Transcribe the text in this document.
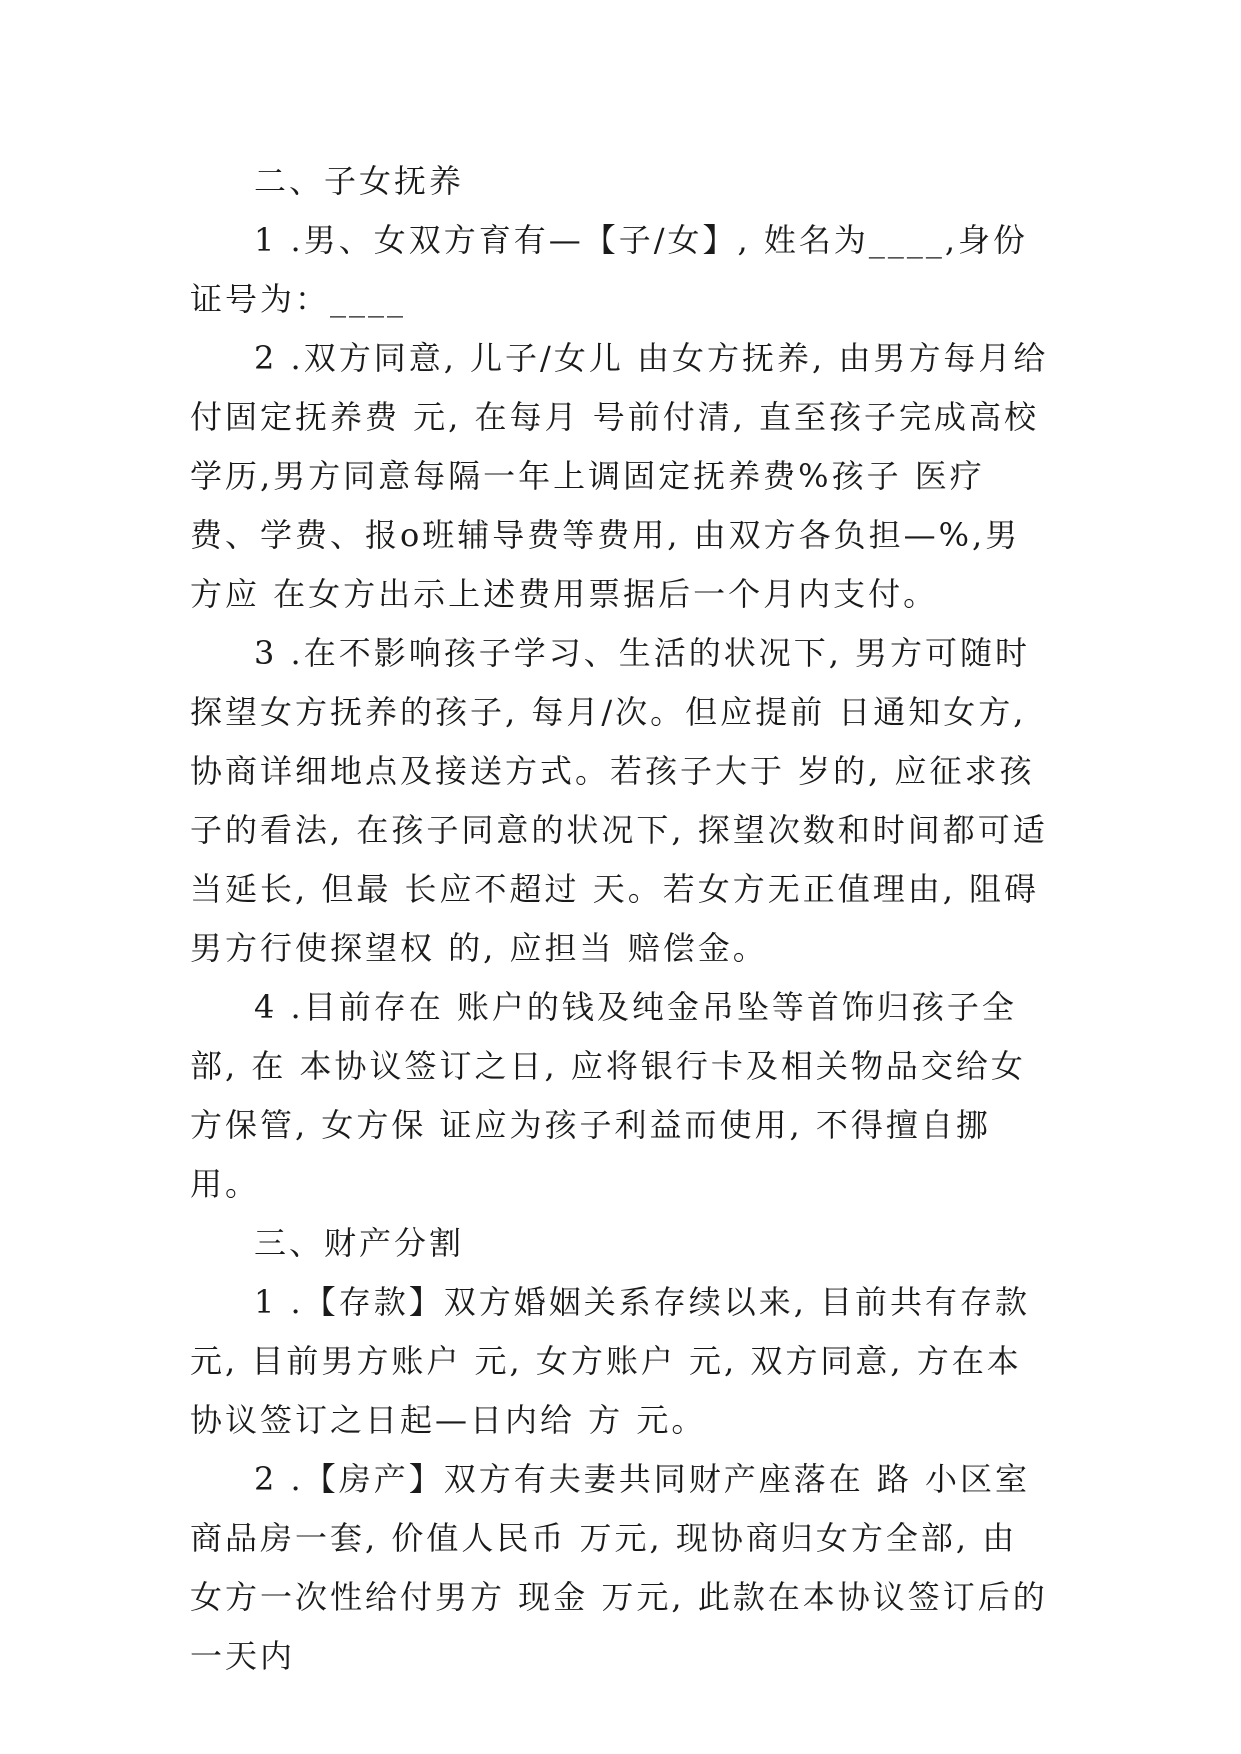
二、子女抚养

1 .男、女双方育有—【子/女】, 姓名为____,身份证号为：____

2 .双方同意, 儿子/女儿 由女方抚养, 由男方每月给付固定抚养费 元, 在每月 号前付清, 直至孩子完成高校学历,男方同意每隔一年上调固定抚养费%孩子 医疗费、学费、报o班辅导费等费用, 由双方各负担—%,男方应 在女方出示上述费用票据后一个月内支付。

3 .在不影响孩子学习、生活的状况下, 男方可随时探望女方抚养的孩子, 每月/次。但应提前 日通知女方, 协商详细地点及接送方式。若孩子大于 岁的, 应征求孩子的看法, 在孩子同意的状况下, 探望次数和时间都可适当延长, 但最 长应不超过 天。若女方无正值理由, 阻碍男方行使探望权 的, 应担当 赔偿金。

4 .目前存在 账户的钱及纯金吊坠等首饰归孩子全部, 在 本协议签订之日, 应将银行卡及相关物品交给女方保管, 女方保 证应为孩子利益而使用, 不得擅自挪用。

三、财产分割

1 .【存款】双方婚姻关系存续以来, 目前共有存款 元, 目前男方账户 元, 女方账户 元, 双方同意, 方在本协议签订之日起—日内给 方 元。

2 .【房产】双方有夫妻共同财产座落在 路 小区室商品房一套, 价值人民币 万元, 现协商归女方全部, 由女方一次性给付男方 现金 万元, 此款在本协议签订后的一天内
